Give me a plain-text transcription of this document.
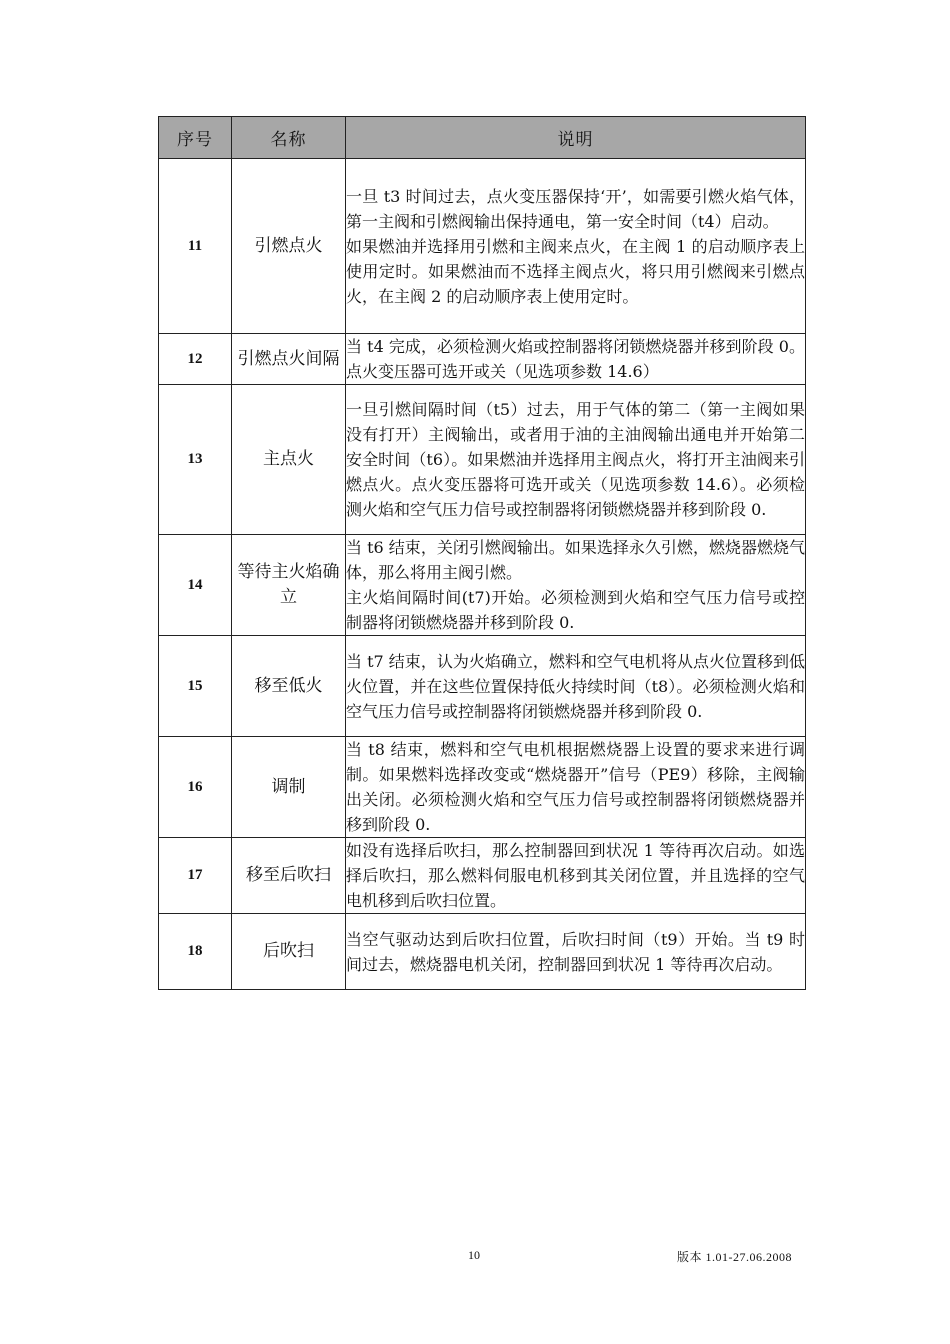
序号	名称	说明
11	引燃点火	一旦 t3 时间过去，点火变压器保持‘开’，如需要引燃火焰气体，第一主阀和引燃阀输出保持通电，第一安全时间（t4）启动。

如果燃油并选择用引燃和主阀来点火，在主阀 1 的启动顺序表上使用定时。如果燃油而不选择主阀点火，将只用引燃阀来引燃点火，在主阀 2 的启动顺序表上使用定时。

12	引燃点火间隔	当 t4 完成，必须检测火焰或控制器将闭锁燃烧器并移到阶段 0。点火变压器可选开或关（见选项参数 14.6）

13	主点火	一旦引燃间隔时间（t5）过去，用于气体的第二（第一主阀如果没有打开）主阀输出，或者用于油的主油阀输出通电并开始第二安全时间（t6）。如果燃油并选择用主阀点火，将打开主油阀来引燃点火。点火变压器将可选开或关（见选项参数 14.6）。必须检测火焰和空气压力信号或控制器将闭锁燃烧器并移到阶段 0.

14	等待主火焰确立	当 t6 结束，关闭引燃阀输出。如果选择永久引燃，燃烧器燃烧气体，那么将用主阀引燃。

主火焰间隔时间(t7)开始。必须检测到火焰和空气压力信号或控制器将闭锁燃烧器并移到阶段 0.

15	移至低火	当 t7 结束，认为火焰确立，燃料和空气电机将从点火位置移到低火位置，并在这些位置保持低火持续时间（t8）。必须检测火焰和空气压力信号或控制器将闭锁燃烧器并移到阶段 0.

16	调制	当 t8 结束，燃料和空气电机根据燃烧器上设置的要求来进行调制。如果燃料选择改变或“燃烧器开”信号（PE9）移除，主阀输出关闭。必须检测火焰和空气压力信号或控制器将闭锁燃烧器并移到阶段 0.

17	移至后吹扫	如没有选择后吹扫，那么控制器回到状况 1 等待再次启动。如选择后吹扫，那么燃料伺服电机移到其关闭位置，并且选择的空气电机移到后吹扫位置。

18	后吹扫	当空气驱动达到后吹扫位置，后吹扫时间（t9）开始。当 t9 时间过去，燃烧器电机关闭，控制器回到状况 1 等待再次启动。

10	版本 1.01-27.06.2008
